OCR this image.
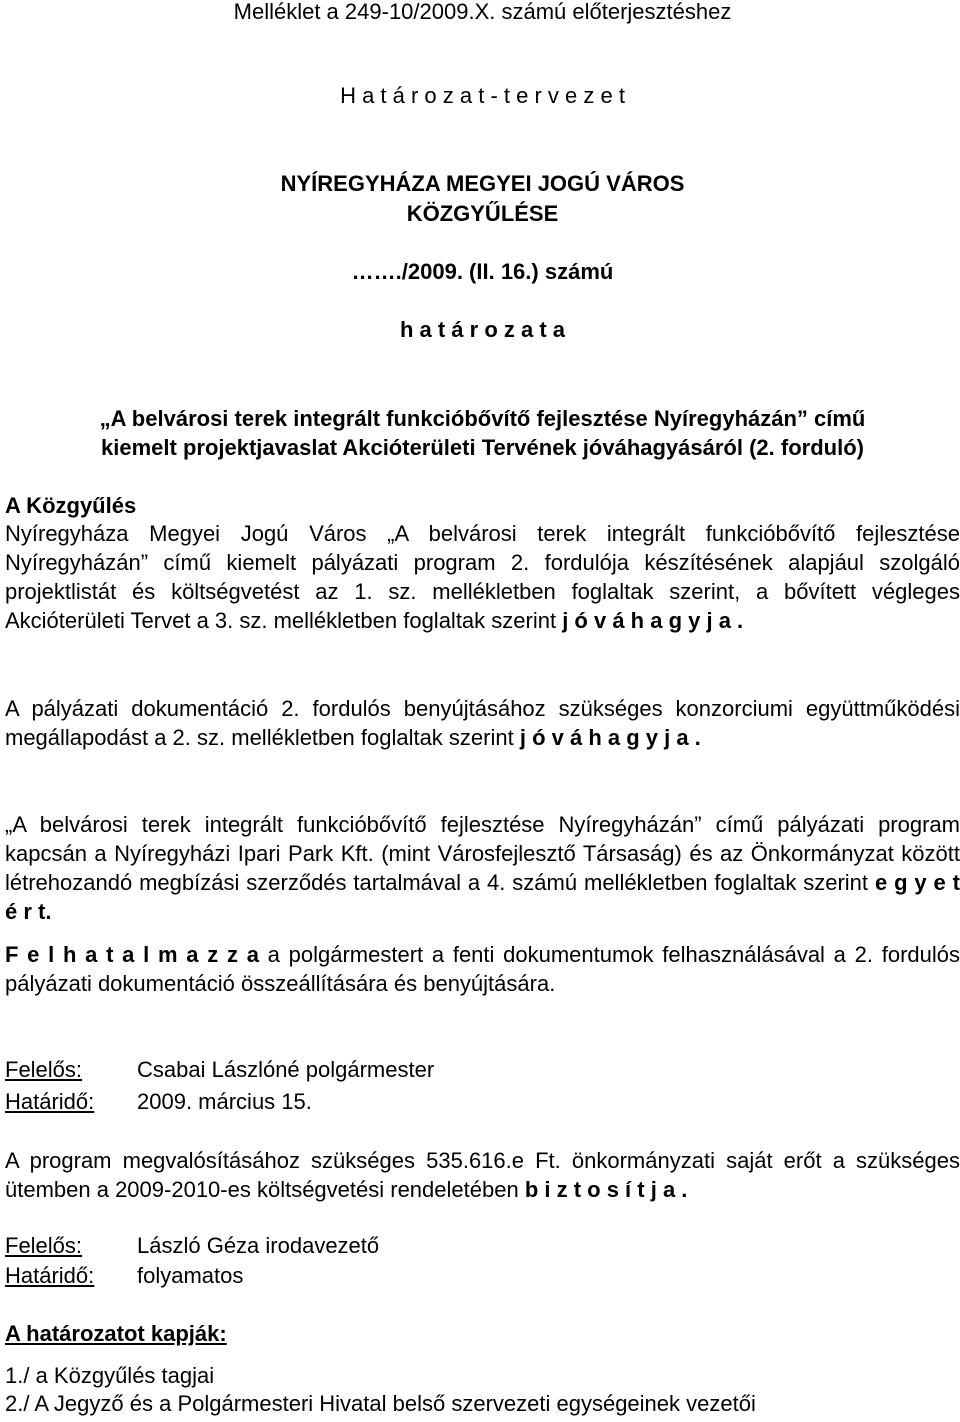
Melléklet a 249-10/2009.X. számú előterjesztéshez
H a t á r o z a t - t e r v e z e t
NYÍREGYHÁZA MEGYEI JOGÚ VÁROS
KÖZGYŰLÉSE
……./2009. (II. 16.) számú
h a t á r o z a t a
„A belvárosi terek integrált funkcióbővítő fejlesztése Nyíregyházán” című
kiemelt projektjavaslat Akcióterületi Tervének jóváhagyásáról (2. forduló)
A Közgyűlés
Nyíregyháza Megyei Jogú Város „A belvárosi terek integrált funkcióbővítő fejlesztése Nyíregyházán” című kiemelt pályázati program 2. fordulója készítésének alapjául szolgáló projektlistát és költségvetést az 1. sz. mellékletben foglaltak szerint, a bővített végleges Akcióterületi Tervet a 3. sz. mellékletben foglaltak szerint j ó v á h a g y j a .
A pályázati dokumentáció 2. fordulós benyújtásához szükséges konzorciumi együttműködési megállapodást a 2. sz. mellékletben foglaltak szerint j ó v á h a g y j a .
„A belvárosi terek integrált funkcióbővítő fejlesztése Nyíregyházán” című pályázati program kapcsán a Nyíregyházi Ipari Park Kft. (mint Városfejlesztő Társaság) és az Önkormányzat között létrehozandó megbízási szerződés tartalmával a 4. számú mellékletben foglaltak szerint e g y e t é r t.
F e l h a t a l m a z z a a polgármestert a fenti dokumentumok felhasználásával a 2. fordulós pályázati dokumentáció összeállítására és benyújtására.
Felelős: Csabai Lászlóné polgármester
Határidő: 2009. március 15.
A program megvalósításához szükséges 535.616.e Ft. önkormányzati saját erőt a szükséges ütemben a 2009-2010-es költségvetési rendeletében b i z t o s í t j a .
Felelős: László Géza irodavezető
Határidő: folyamatos
A határozatot kapják:
1./ a Közgyűlés tagjai
2./ A Jegyző és a Polgármesteri Hivatal belső szervezeti egységeinek vezetői
